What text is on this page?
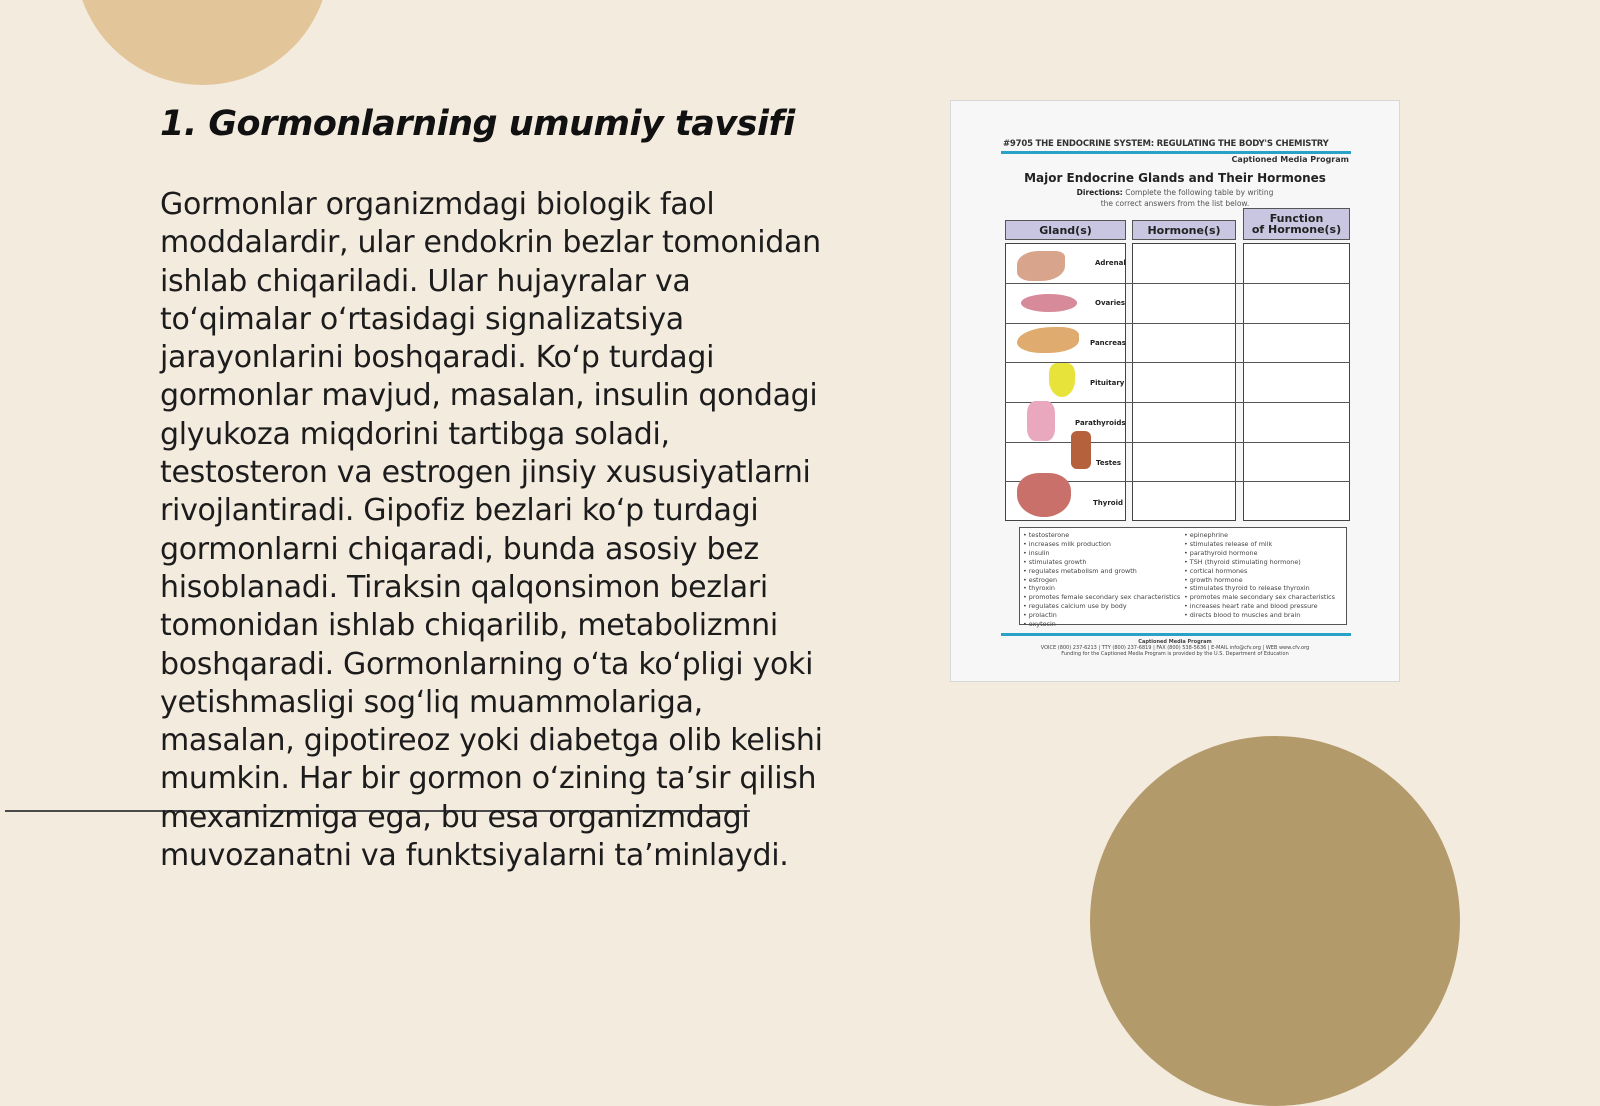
1. Gormonlarning umumiy tavsifi

Gormonlar organizmdagi biologik faol moddalardir, ular endokrin bezlar tomonidan ishlab chiqariladi. Ular hujayralar va to‘qimalar o‘rtasidagi signalizatsiya jarayonlarini boshqaradi. Ko‘p turdagi gormonlar mavjud, masalan, insulin qondagi glyukoza miqdorini tartibga soladi, testosteron va estrogen jinsiy xususiyatlarni rivojlantiradi. Gipofiz bezlari ko‘p turdagi gormonlarni chiqaradi, bunda asosiy bez hisoblanadi. Tiraksin qalqonsimon bezlari tomonidan ishlab chiqarilib, metabolizmni boshqaradi. Gormonlarning o‘ta ko‘pligi yoki yetishmasligi sog‘liq muammolariga, masalan, gipotireoz yoki diabetga olib kelishi mumkin. Har bir gormon o‘zining ta’sir qilish mexanizmiga ega, bu esa organizmdagi muvozanatni va funktsiyalarni ta’minlaydi.

#9705 THE ENDOCRINE SYSTEM: REGULATING THE BODY'S CHEMISTRY
Captioned Media Program
Major Endocrine Glands and Their Hormones
Directions: Complete the following table by writing
the correct answers from the list below.
Gland(s)	Hormone(s)
Function
of Hormone(s)
Adrenal
Ovaries
Pancreas
Pituitary
Parathyroids
Testes
Thyroid
• testosterone
• increases milk production
• insulin
• stimulates growth
• regulates metabolism and growth
• estrogen
• thyroxin
• promotes female secondary sex characteristics
• regulates calcium use by body
• prolactin
• oxytocin
• epinephrine
• stimulates release of milk
• parathyroid hormone
• TSH (thyroid stimulating hormone)
• cortical hormones
• growth hormone
• stimulates thyroid to release thyroxin
• promotes male secondary sex characteristics
• increases heart rate and blood pressure
• directs blood to muscles and brain
Captioned Media Program
VOICE (800) 237-6213 | TTY (800) 237-6819 | FAX (800) 538-5636 | E-MAIL info@cfv.org | WEB www.cfv.org
Funding for the Captioned Media Program is provided by the U.S. Department of Education
